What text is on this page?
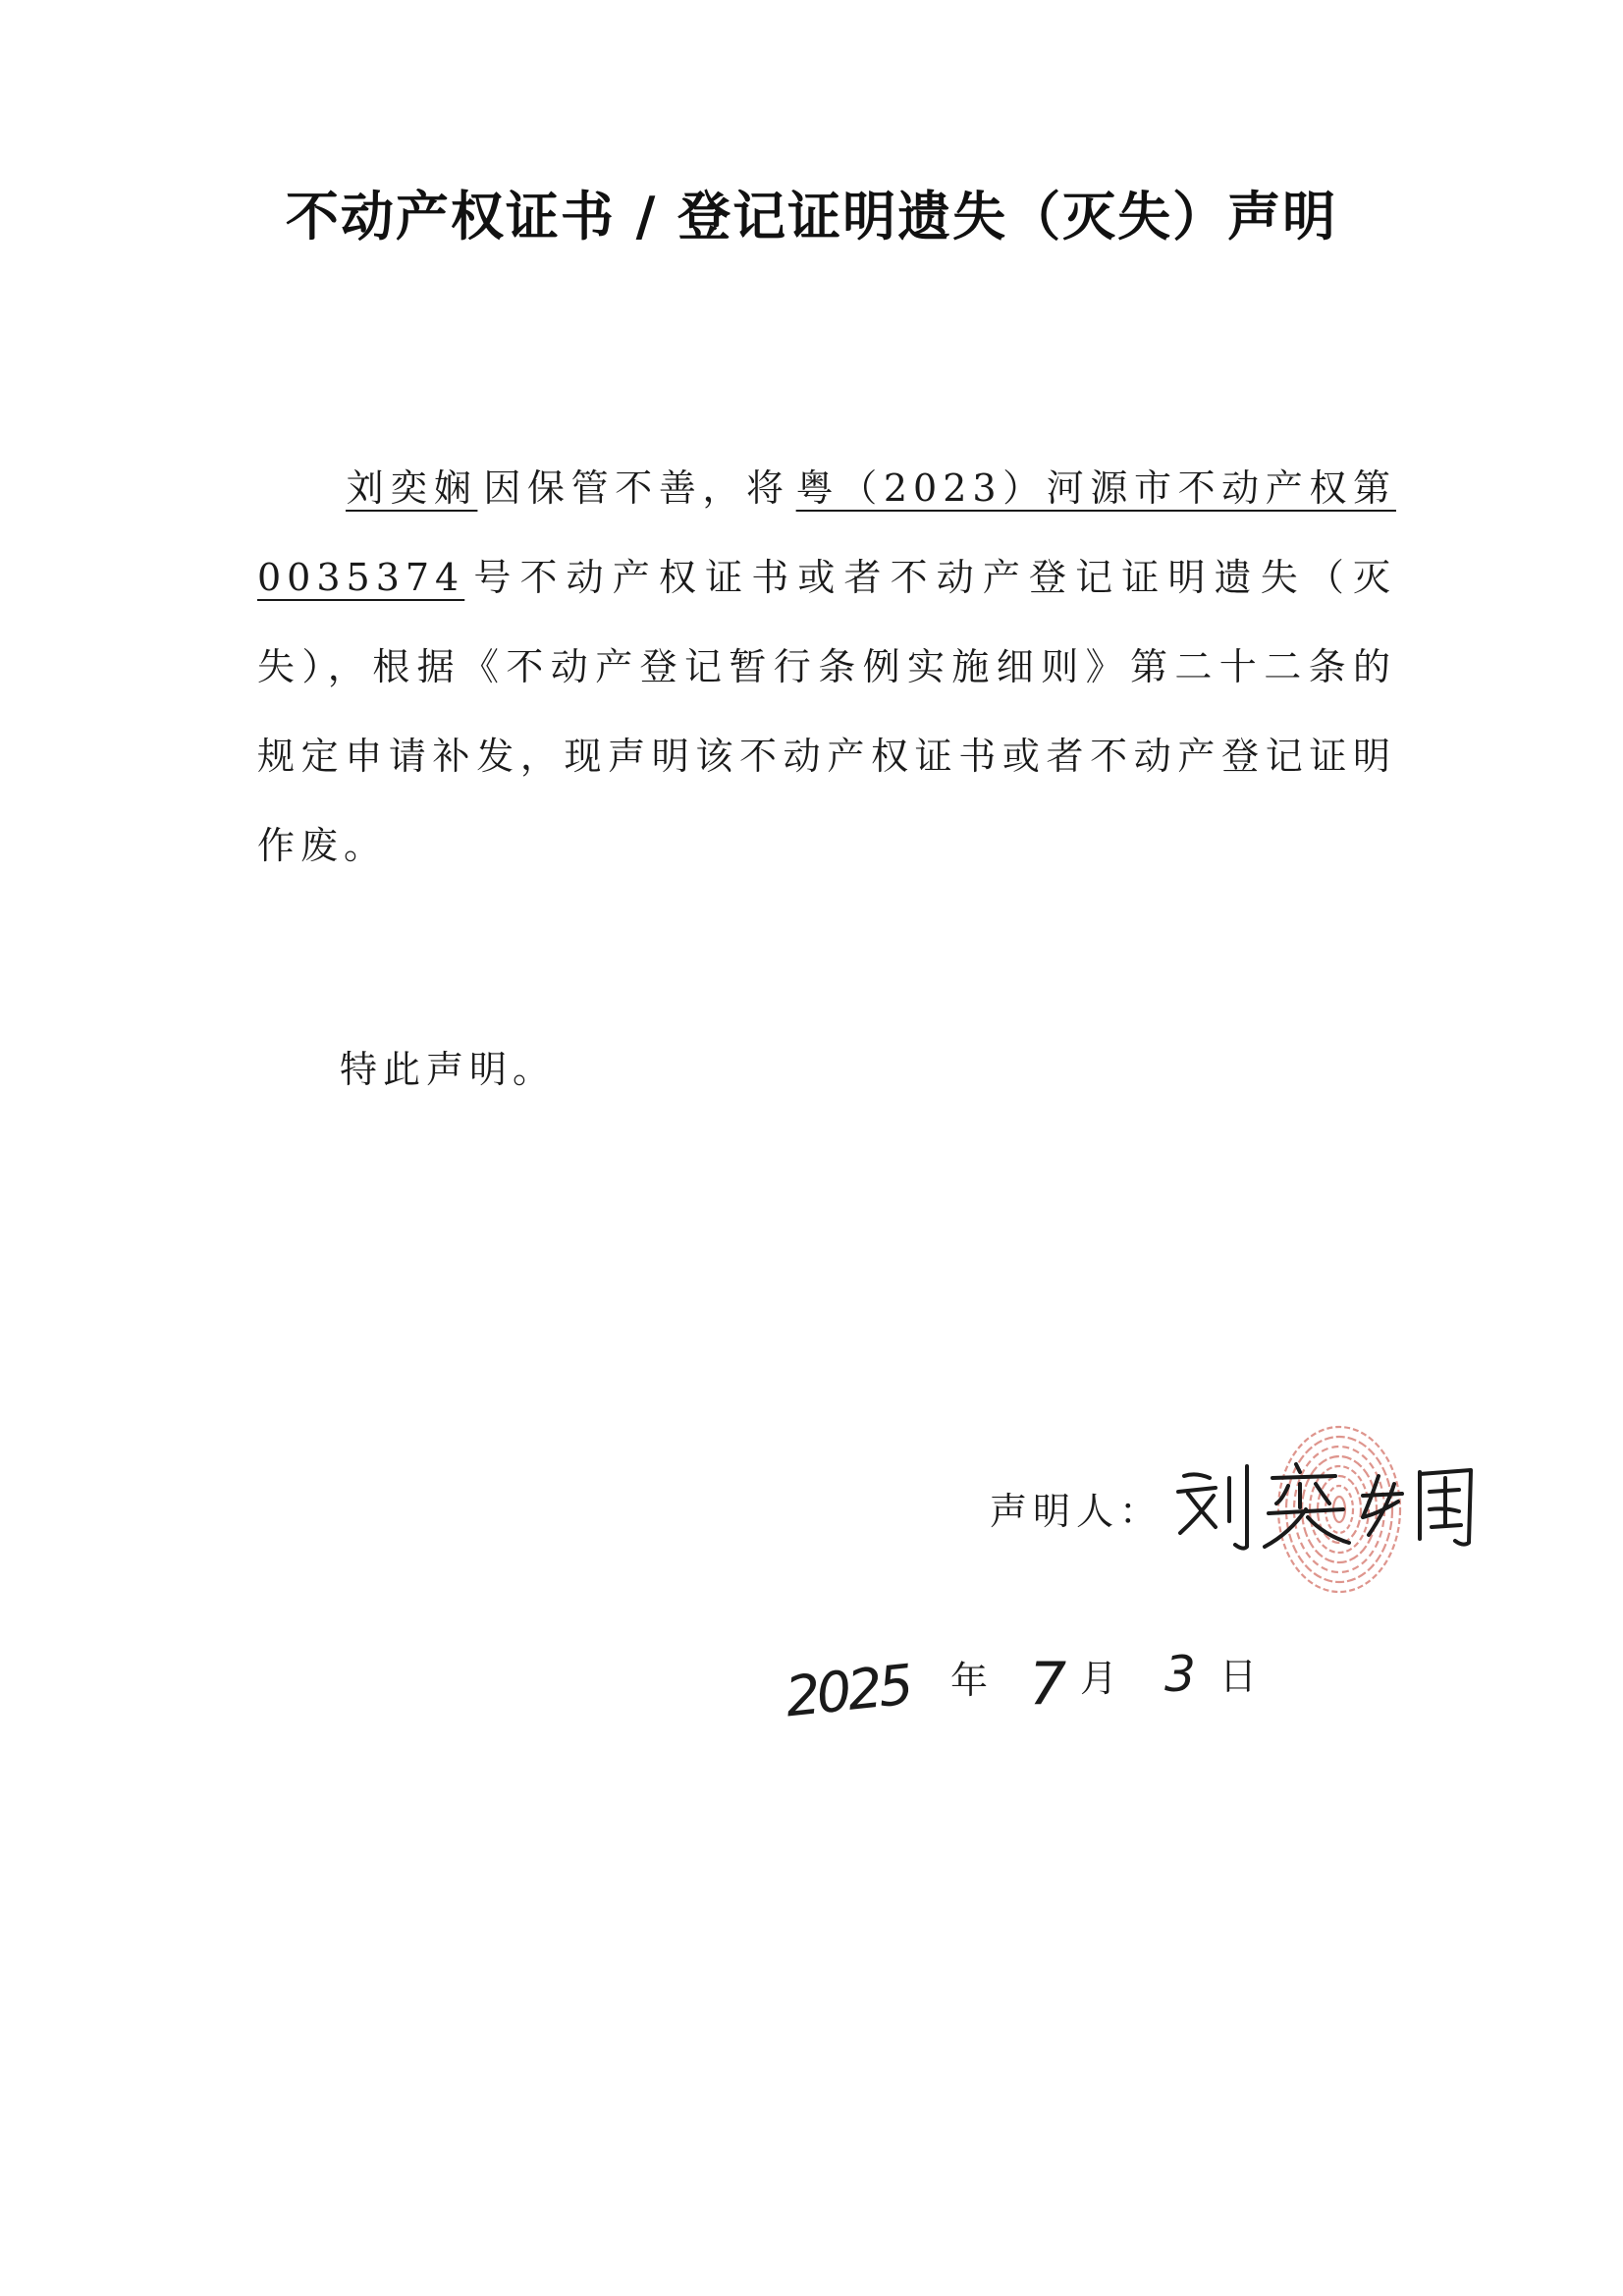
不动产权证书 / 登记证明遗失（灭失）声明
刘奕娴 因保管不善，将 粤（2023）河源市不动产权第 0035374 号不动产权证书或者不动产登记证明遗失（灭失），根据《不动产登记暂行条例实施细则》第二十二条的规定申请补发，现声明该不动产权证书或者不动产登记证明作废。
特此声明。
声明人：
2025 年 7 月 3 日
